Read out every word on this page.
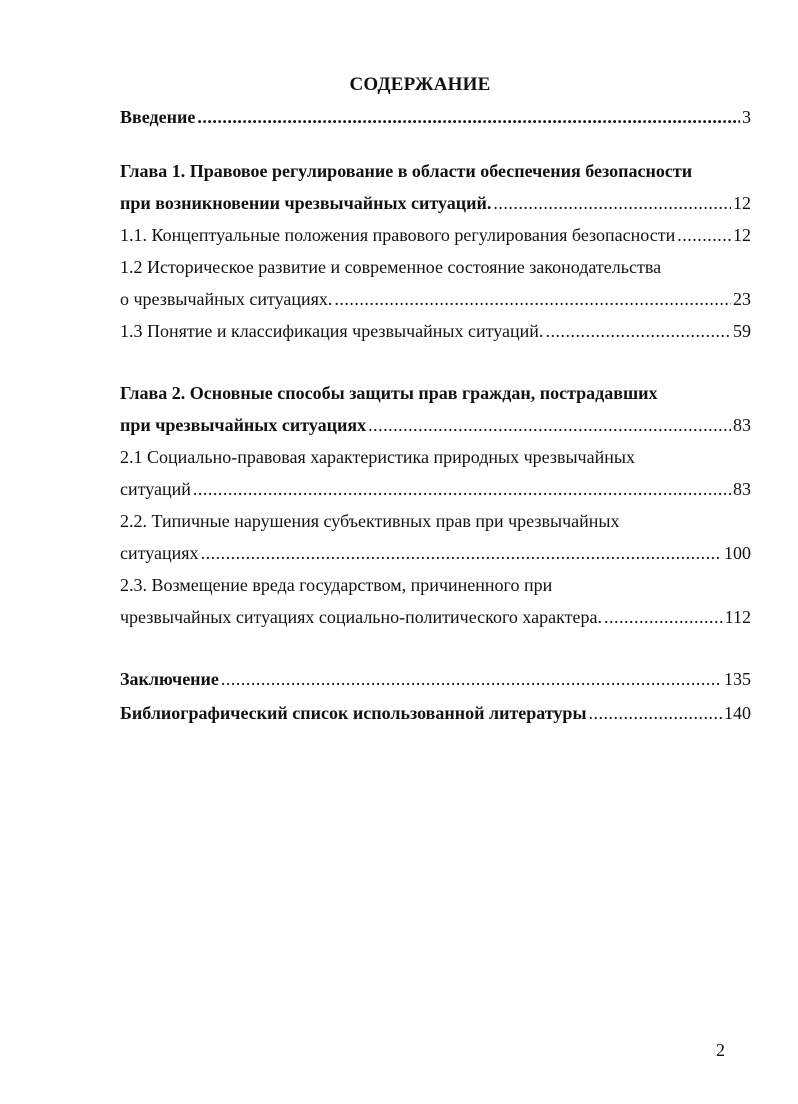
СОДЕРЖАНИЕ
Введение .....	3
Глава 1. Правовое регулирование в области обеспечения безопасности
при возникновении чрезвычайных ситуаций. .....	12
1.1. Концептуальные положения правового регулирования безопасности .....	12
1.2 Историческое развитие и современное состояние законодательства
о чрезвычайных ситуациях. .....	23
1.3 Понятие и классификация чрезвычайных ситуаций. .....	59
Глава 2. Основные способы защиты прав граждан, пострадавших
при чрезвычайных ситуациях .....	83
2.1 Социально-правовая характеристика природных чрезвычайных
ситуаций .....	83
2.2. Типичные нарушения субъективных прав при чрезвычайных
ситуациях .....	100
2.3. Возмещение вреда государством, причиненного при
чрезвычайных ситуациях социально-политического характера. .....	112
Заключение .....	135
Библиографический список использованной литературы .....	140
2
